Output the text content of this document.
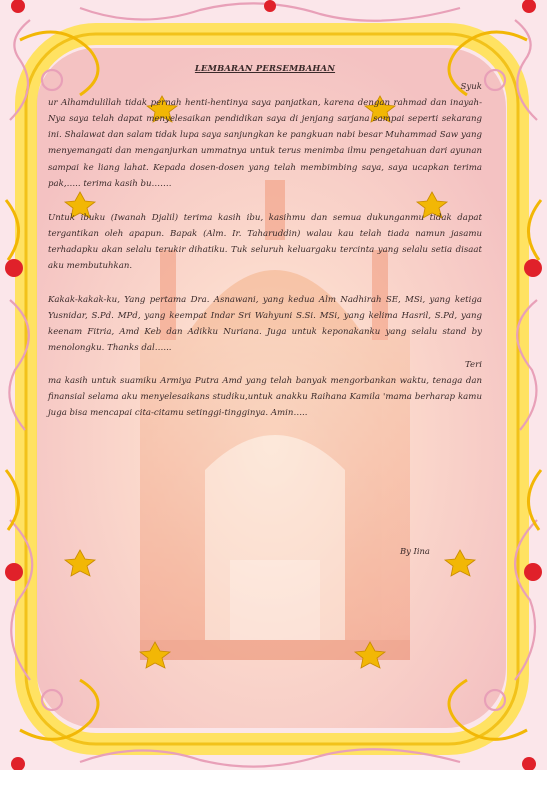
LEMBARAN PERSEMBAHAN

Syuk

ur Alhamdulillah tidak pernah henti-hentinya saya panjatkan, karena dengan rahmad dan inayah-Nya saya telah dapat menyelesaikan pendidikan saya di jenjang sarjana sampai seperti sekarang ini. Shalawat dan salam tidak lupa saya sanjungkan ke pangkuan nabi besar Muhammad Saw yang menyemangati dan menganjurkan ummatnya untuk terus menimba ilmu pengetahuan dari ayunan sampai ke liang lahat. Kepada dosen-dosen yang telah membimbing saya, saya ucapkan terima pak,….. terima kasih bu…….

Untuk ibuku (Iwanah Djalil) terima kasih ibu, kasihmu dan semua dukunganmu tidak dapat tergantikan oleh apapun. Bapak (Alm. Ir. Taharuddin) walau kau telah tiada namun jasamu terhadapku akan selalu terukir dihatiku. Tuk seluruh keluargaku tercinta yang selalu setia disaat aku membutuhkan.

Kakak-kakak-ku, Yang pertama Dra. Asnawani, yang kedua Alm Nadhirah SE, MSi, yang ketiga Yusnidar, S.Pd. MPd, yang keempat Indar Sri Wahyuni S.Si. MSi, yang kelima Hasril, S.Pd, yang keenam Fitria, Amd Keb dan Adikku Nuriana. Juga untuk keponakanku yang selalu stand by menolongku. Thanks dal…...

Teri

ma kasih untuk suamiku Armiya Putra Amd yang telah banyak mengorbankan waktu, tenaga dan finansial selama aku menyelesaikans studiku,untuk anakku Raihana Kamila 'mama berharap kamu juga bisa mencapai cita-citamu setinggi-tingginya. Amin…..

By Iina
